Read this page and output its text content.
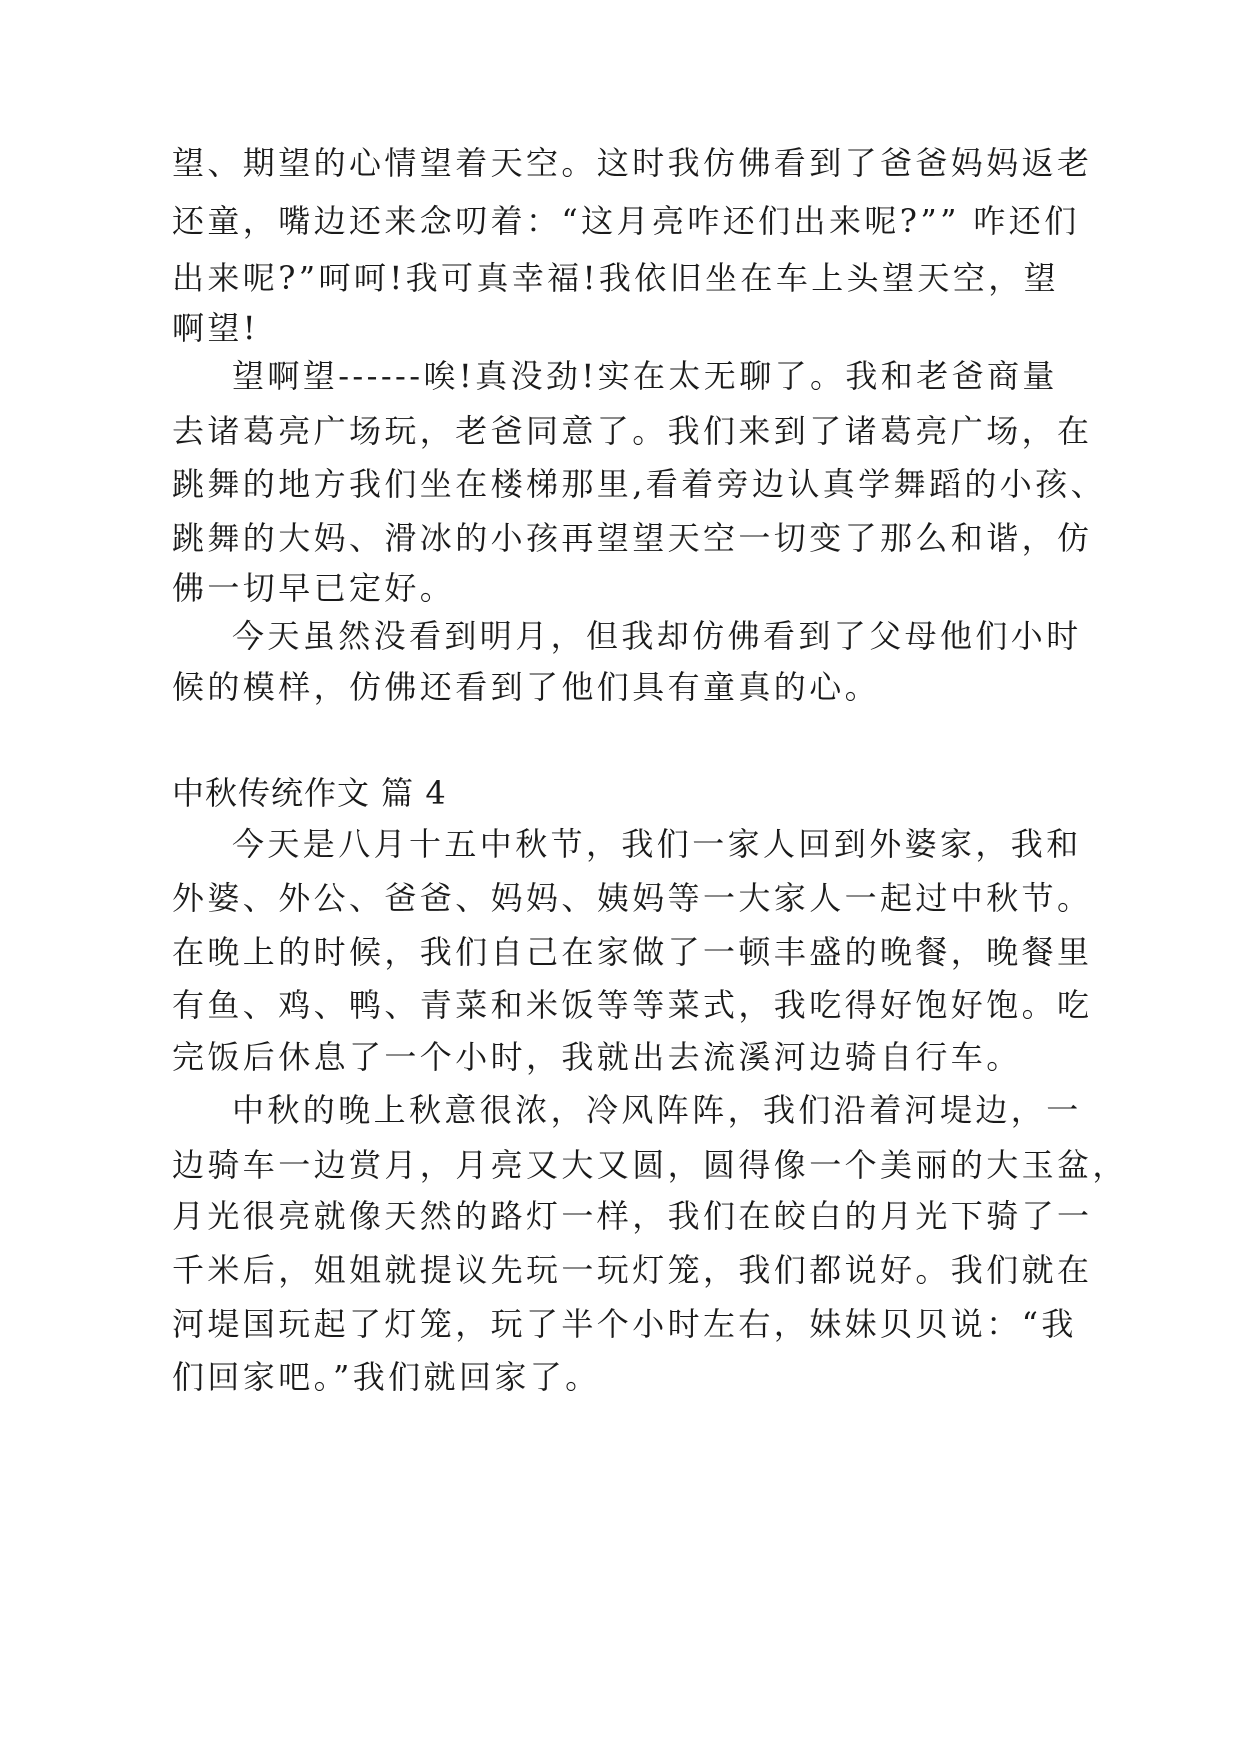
望、期望的心情望着天空。这时我仿佛看到了爸爸妈妈返老
还童，嘴边还来念叨着：“这月亮咋还们出来呢?”” 咋还们
出来呢?”呵呵!我可真幸福!我依旧坐在车上头望天空，望
啊望!
望啊望------唉!真没劲!实在太无聊了。我和老爸商量
去诸葛亮广场玩，老爸同意了。我们来到了诸葛亮广场，在
跳舞的地方我们坐在楼梯那里,看着旁边认真学舞蹈的小孩、
跳舞的大妈、滑冰的小孩再望望天空一切变了那么和谐，仿
佛一切早已定好。
今天虽然没看到明月，但我却仿佛看到了父母他们小时
候的模样，仿佛还看到了他们具有童真的心。
中秋传统作文 篇 4
今天是八月十五中秋节，我们一家人回到外婆家，我和
外婆、外公、爸爸、妈妈、姨妈等一大家人一起过中秋节。
在晚上的时候，我们自己在家做了一顿丰盛的晚餐，晚餐里
有鱼、鸡、鸭、青菜和米饭等等菜式，我吃得好饱好饱。吃
完饭后休息了一个小时，我就出去流溪河边骑自行车。
中秋的晚上秋意很浓，冷风阵阵，我们沿着河堤边，一
边骑车一边赏月，月亮又大又圆，圆得像一个美丽的大玉盆，
月光很亮就像天然的路灯一样，我们在皎白的月光下骑了一
千米后，姐姐就提议先玩一玩灯笼，我们都说好。我们就在
河堤国玩起了灯笼，玩了半个小时左右，妹妹贝贝说：“我
们回家吧。”我们就回家了。
